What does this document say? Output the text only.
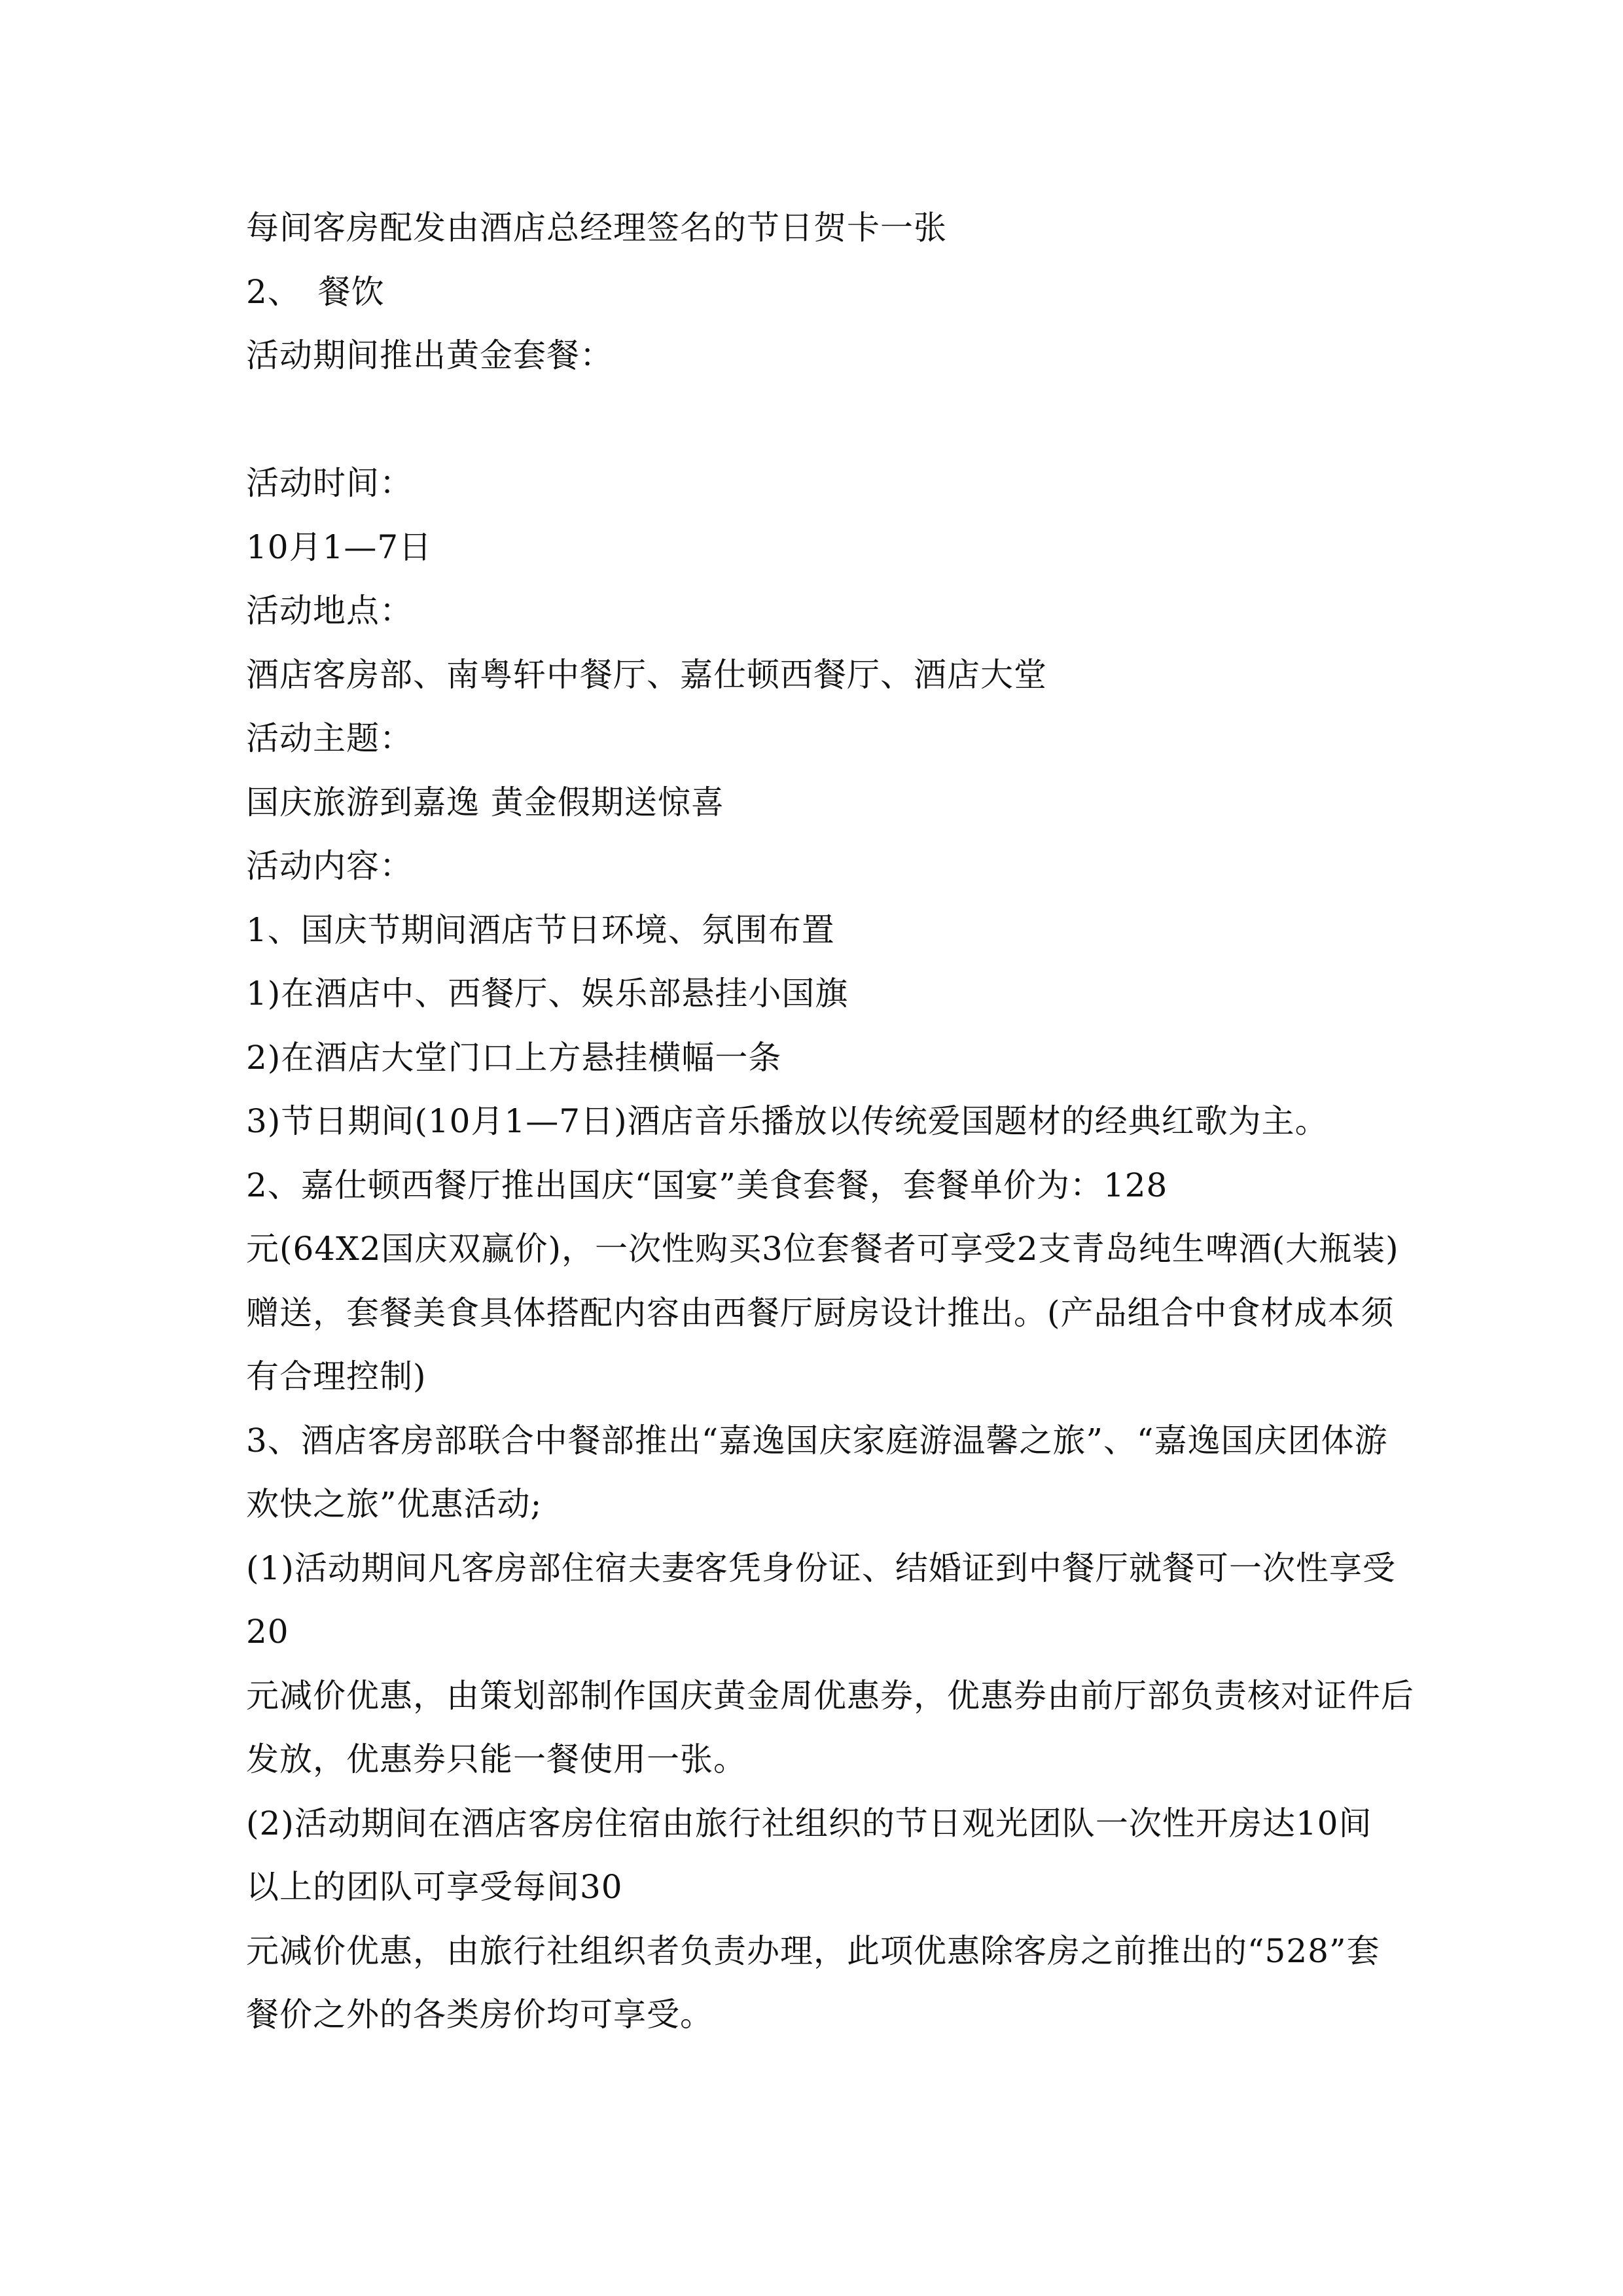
每间客房配发由酒店总经理签名的节日贺卡一张
2、　餐饮
活动期间推出黄金套餐：
活动时间：
10月1—7日
活动地点：
酒店客房部、南粤轩中餐厅、嘉仕顿西餐厅、酒店大堂
活动主题：
国庆旅游到嘉逸 黄金假期送惊喜
活动内容：
1、国庆节期间酒店节日环境、氛围布置
1)在酒店中、西餐厅、娱乐部悬挂小国旗
2)在酒店大堂门口上方悬挂横幅一条
3)节日期间(10月1—7日)酒店音乐播放以传统爱国题材的经典红歌为主。
2、嘉仕顿西餐厅推出国庆“国宴”美食套餐，套餐单价为：128
元(64X2国庆双赢价)，一次性购买3位套餐者可享受2支青岛纯生啤酒(大瓶装)
赠送，套餐美食具体搭配内容由西餐厅厨房设计推出。(产品组合中食材成本须
有合理控制)
3、酒店客房部联合中餐部推出“嘉逸国庆家庭游温馨之旅”、“嘉逸国庆团体游
欢快之旅”优惠活动;
(1)活动期间凡客房部住宿夫妻客凭身份证、结婚证到中餐厅就餐可一次性享受
20
元减价优惠，由策划部制作国庆黄金周优惠券，优惠券由前厅部负责核对证件后
发放，优惠券只能一餐使用一张。
(2)活动期间在酒店客房住宿由旅行社组织的节日观光团队一次性开房达10间
以上的团队可享受每间30
元减价优惠，由旅行社组织者负责办理，此项优惠除客房之前推出的“528”套
餐价之外的各类房价均可享受。
